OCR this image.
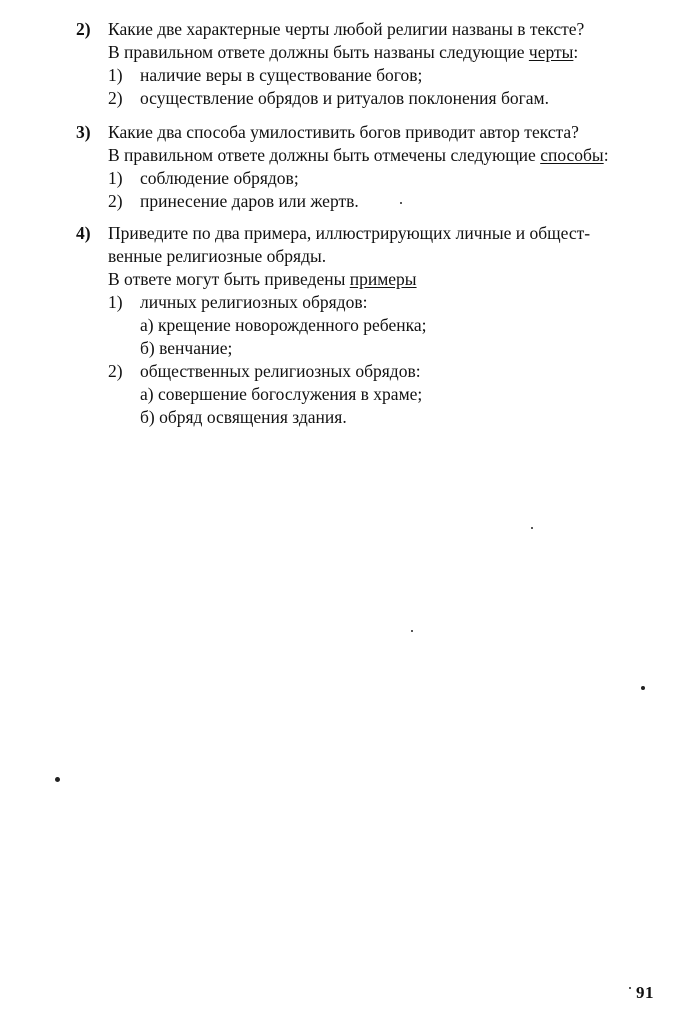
2) Какие две характерные черты любой религии названы в тексте?
В правильном ответе должны быть названы следующие черты:
1) наличие веры в существование богов;
2) осуществление обрядов и ритуалов поклонения богам.
3) Какие два способа умилостивить богов приводит автор текста?
В правильном ответе должны быть отмечены следующие способы:
1) соблюдение обрядов;
2) принесение даров или жертв.
4) Приведите по два примера, иллюстрирующих личные и общест-
венные религиозные обряды.
В ответе могут быть приведены примеры
1) личных религиозных обрядов:
а) крещение новорожденного ребенка;
б) венчание;
2) общественных религиозных обрядов:
а) совершение богослужения в храме;
б) обряд освящения здания.
91
